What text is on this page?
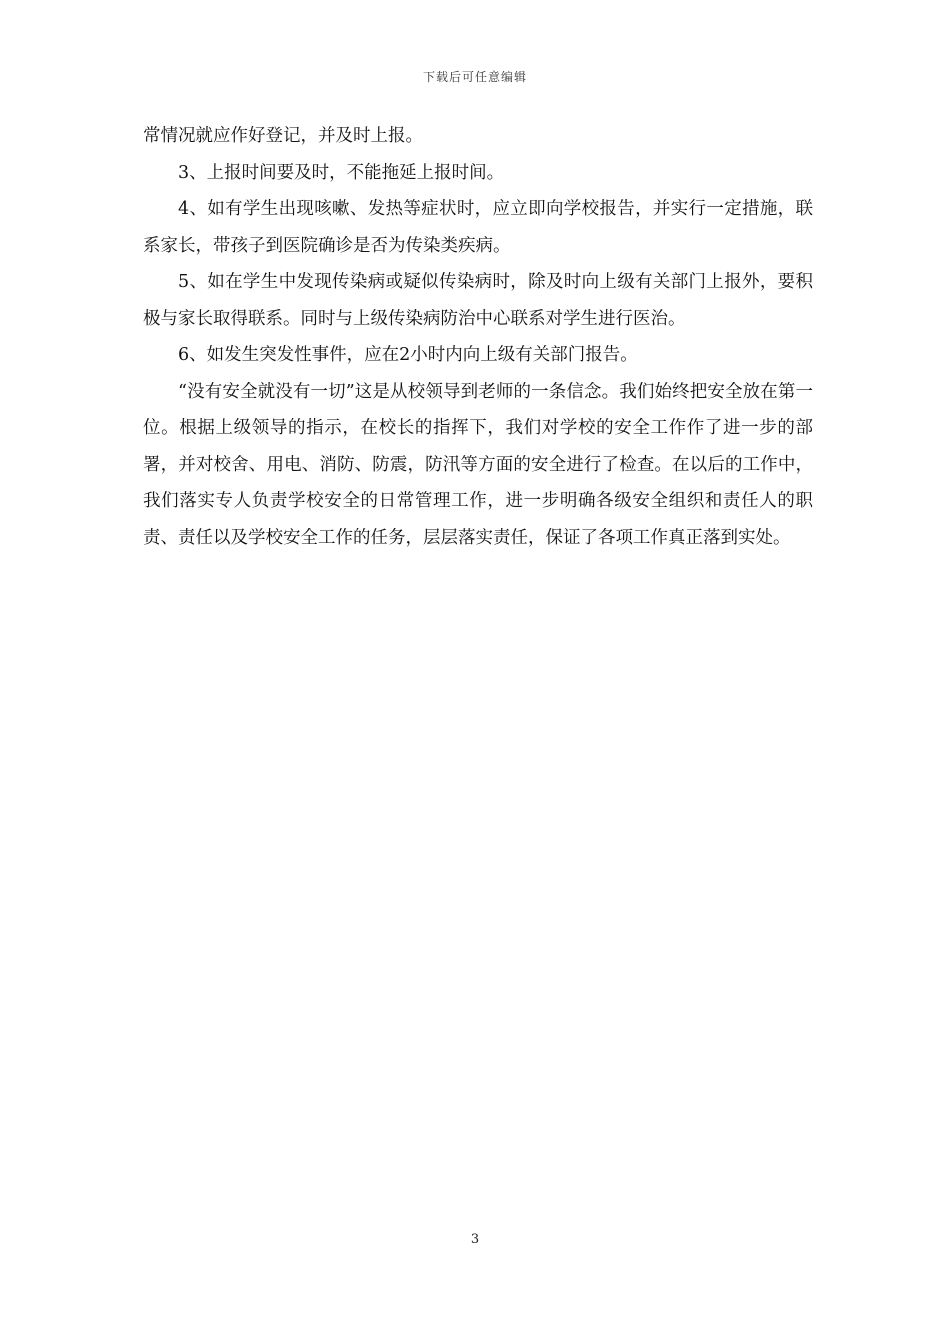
下载后可任意编辑

常情况就应作好登记，并及时上报。

3、上报时间要及时，不能拖延上报时间。

4、如有学生出现咳嗽、发热等症状时，应立即向学校报告，并实行一定措施，联系家长，带孩子到医院确诊是否为传染类疾病。

5、如在学生中发现传染病或疑似传染病时，除及时向上级有关部门上报外，要积极与家长取得联系。同时与上级传染病防治中心联系对学生进行医治。

6、如发生突发性事件，应在2小时内向上级有关部门报告。

“没有安全就没有一切”这是从校领导到老师的一条信念。我们始终把安全放在第一位。根据上级领导的指示，在校长的指挥下，我们对学校的安全工作作了进一步的部署，并对校舍、用电、消防、防震，防汛等方面的安全进行了检查。在以后的工作中，我们落实专人负责学校安全的日常管理工作，进一步明确各级安全组织和责任人的职责、责任以及学校安全工作的任务，层层落实责任，保证了各项工作真正落到实处。

3
